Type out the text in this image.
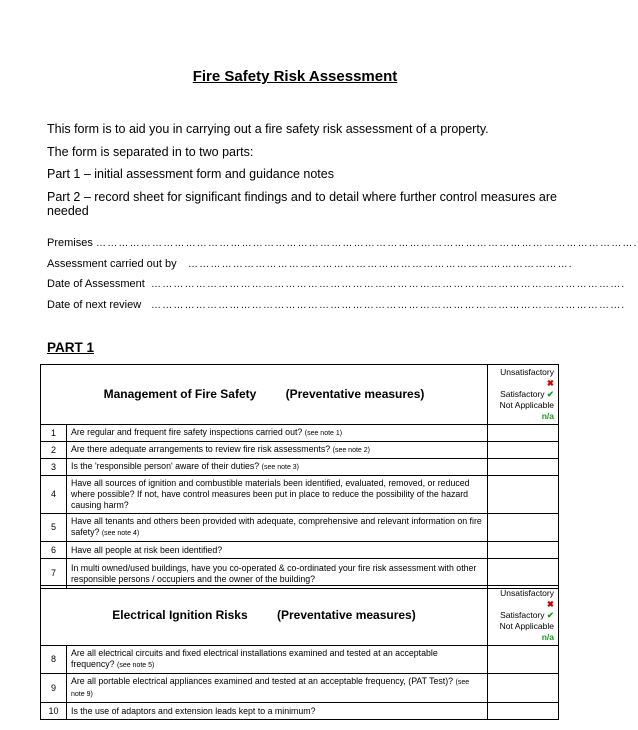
Fire Safety Risk Assessment
This form is to aid you in carrying out a fire safety risk assessment of a property.
The form is separated in to two parts:
Part 1 – initial assessment form and guidance notes
Part 2 – record sheet for significant findings and to detail where further control measures are needed
Premises ……………………………………………………………………………………………………………………………….
Assessment carried out by ………………………………………………………………………………………….
Date of Assessment ……………………………………………………………………………………………………………….
Date of next review ……………………………………………………………………………………………………………….
PART 1
Management of Fire Safety (Preventative measures)		Unsatisfactory ✖
Satisfactory ✔
Not Applicable n/a

1	Are regular and frequent fire safety inspections carried out? (see note 1)	
2	Are there adequate arrangements to review fire risk assessments? (see note 2)	
3	Is the 'responsible person' aware of their duties? (see note 3)	
4	Have all sources of ignition and combustible materials been identified, evaluated, removed, or reduced where possible? If not, have control measures been put in place to reduce the possibility of the hazard causing harm?	
5	Have all tenants and others been provided with adequate, comprehensive and relevant information on fire safety? (see note 4)	
6	Have all people at risk been identified?	
7	In multi owned/used buildings, have you co-operated & co-ordinated your fire risk assessment with other responsible persons / occupiers and the owner of the building?	
Electrical Ignition Risks (Preventative measures)		Unsatisfactory ✖
Satisfactory ✔
Not Applicable n/a

8	Are all electrical circuits and fixed electrical installations examined and tested at an acceptable frequency? (see note 5)	
9	Are all portable electrical appliances examined and tested at an acceptable frequency, (PAT Test)? (see note 9)	
10	Is the use of adaptors and extension leads kept to a minimum?	
